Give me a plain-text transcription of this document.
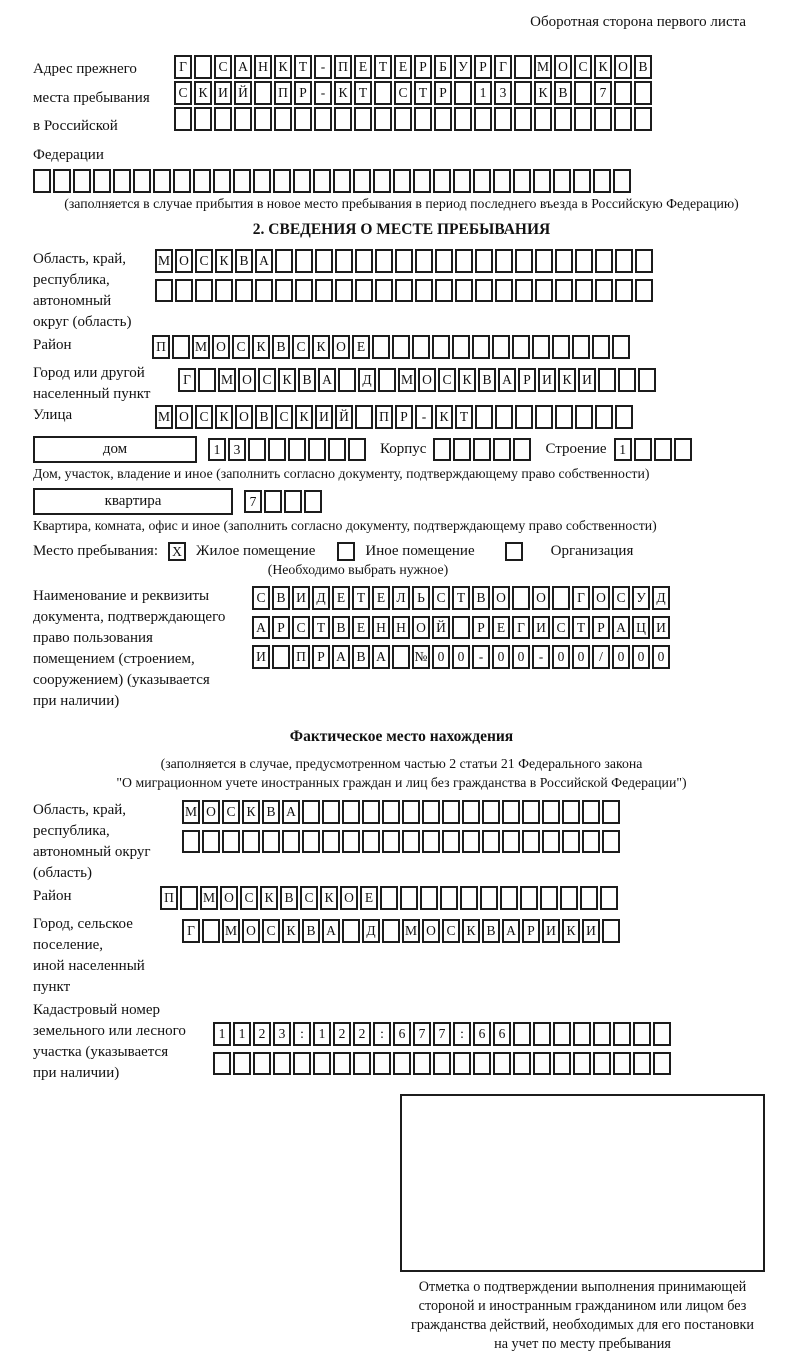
Оборотная сторона первого листа
Адрес прежнего
места пребывания
в Российской
Федерации
Г	С А Н К Т	- П Е Т Е Р Б У Р Г	М О С К О В
С К И Й	П Р	- К Т	С Т Р	1 3	К В	7
(заполняется в случае прибытия в новое место пребывания в период последнего въезда в Российскую Федерацию)
2. СВЕДЕНИЯ О МЕСТЕ ПРЕБЫВАНИЯ
Область, край,
республика,
автономный
округ (область)
М О С К В А
Район	П	М О С К В С К О Е
Город или другой
населенный пункт
Г	М О С К В А	Д	М О С К В А Р И К И
Улица	М О С К О В С К И Й	П Р	- К Т
дом	1 3	Корпус	Строение 1
Дом, участок, владение и иное (заполнить согласно документу, подтверждающему право собственности)
квартира	7
Квартира, комната, офис и иное (заполнить согласно документу, подтверждающему право собственности)
Место пребывания:	X Жилое помещение	Иное помещение	Организация
(Необходимо выбрать нужное)
Наименование и реквизиты
документа, подтверждающего
право пользования
помещением (строением,
сооружением) (указывается
при наличии)
С В И Д Е Т Е Л Ь С Т В О	О	Г О С У Д
А Р С Т В Е Н Н О Й	Р Е Г И С Т Р А Ц И
И	П Р А В А	№ 0 0	-	0 0	-	0 0	/	0 0 0
Фактическое место нахождения
(заполняется в случае, предусмотренном частью 2 статьи 21 Федерального закона
"О миграционном учете иностранных граждан и лиц без гражданства в Российской Федерации")
Область, край,
республика,
автономный округ
(область)
М О С К В А
Район	П	М О С К В С К О Е
Город, сельское поселение,
иной населенный пункт
Г	М О С К В А	Д	М О С К В А Р И К И
Кадастровый номер
земельного или лесного
участка (указывается
при наличии)
1 1 2 3	:	1 2 2	:	6 7 7	:	6 6
Отметка о подтверждении выполнения принимающей
стороной и иностранным гражданином или лицом без
гражданства действий, необходимых для его постановки
на учет по месту пребывания
